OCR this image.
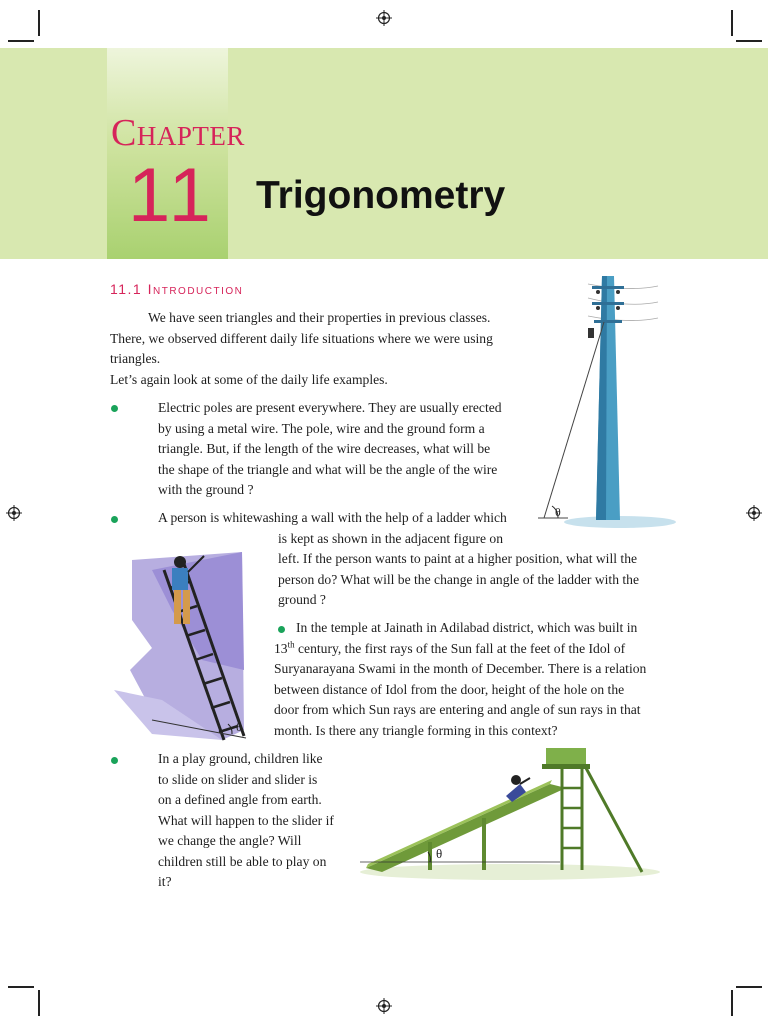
Chapter
11 Trigonometry
11.1 Introduction
We have seen triangles and their properties in previous classes.
There, we observed different daily life situations where we were using
triangles.
Let’s again look at some of the daily life examples.
Electric poles are present everywhere. They are usually erected
by using a metal wire. The pole, wire and the ground form a
triangle. But, if the length of the wire decreases, what will be
the shape of the triangle and what will be the angle of the wire
with the ground ?
θ
A person is whitewashing a wall with the help of a ladder which
is kept as shown in the adjacent figure on
left. If the person wants to paint at a higher position, what will the
person do? What will be the change in angle of the ladder with the
ground ?
θ
In the temple at Jainath in Adilabad district, which was built in
13th century, the first rays of the Sun fall at the feet of the Idol of
Suryanarayana Swami in the month of December. There is a relation
between distance of Idol from the door, height of the hole on the
door from which Sun rays are entering and angle of sun rays in that
month. Is there any triangle forming in this context?
In a play ground, children like
to slide on slider and slider is
on a defined angle from earth.
What will happen to the slider if
we change the angle? Will
children still be able to play on
it?
θ
